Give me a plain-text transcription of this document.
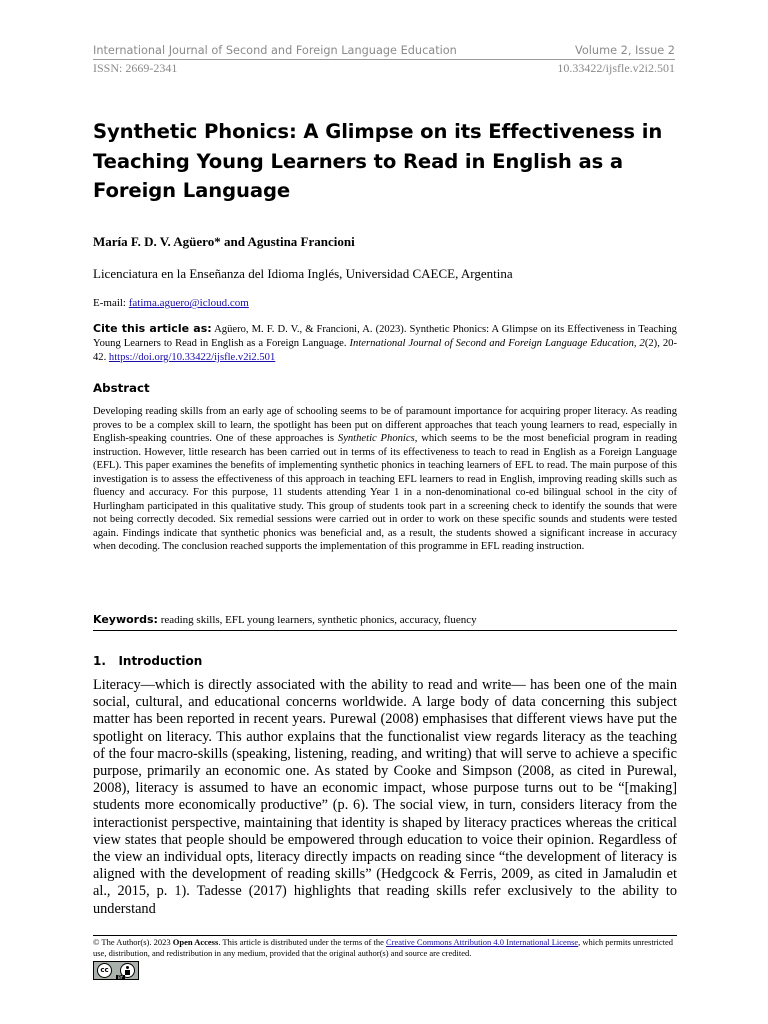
International Journal of Second and Foreign Language Education	Volume 2, Issue 2
ISSN: 2669-2341	10.33422/ijsfle.v2i2.501
Synthetic Phonics: A Glimpse on its Effectiveness in Teaching Young Learners to Read in English as a Foreign Language
María F. D. V. Agüero* and Agustina Francioni
Licenciatura en la Enseñanza del Idioma Inglés, Universidad CAECE, Argentina
E-mail: fatima.aguero@icloud.com
Cite this article as: Agüero, M. F. D. V., & Francioni, A. (2023). Synthetic Phonics: A Glimpse on its Effectiveness in Teaching Young Learners to Read in English as a Foreign Language. International Journal of Second and Foreign Language Education, 2(2), 20-42. https://doi.org/10.33422/ijsfle.v2i2.501
Abstract
Developing reading skills from an early age of schooling seems to be of paramount importance for acquiring proper literacy. As reading proves to be a complex skill to learn, the spotlight has been put on different approaches that teach young learners to read, especially in English-speaking countries. One of these approaches is Synthetic Phonics, which seems to be the most beneficial program in reading instruction. However, little research has been carried out in terms of its effectiveness to teach to read in English as a Foreign Language (EFL). This paper examines the benefits of implementing synthetic phonics in teaching learners of EFL to read. The main purpose of this investigation is to assess the effectiveness of this approach in teaching EFL learners to read in English, improving reading skills such as fluency and accuracy. For this purpose, 11 students attending Year 1 in a non-denominational co-ed bilingual school in the city of Hurlingham participated in this qualitative study. This group of students took part in a screening check to identify the sounds that were not being correctly decoded. Six remedial sessions were carried out in order to work on these specific sounds and students were tested again. Findings indicate that synthetic phonics was beneficial and, as a result, the students showed a significant increase in accuracy when decoding. The conclusion reached supports the implementation of this programme in EFL reading instruction.
Keywords: reading skills, EFL young learners, synthetic phonics, accuracy, fluency
1.   Introduction
Literacy—which is directly associated with the ability to read and write— has been one of the main social, cultural, and educational concerns worldwide. A large body of data concerning this subject matter has been reported in recent years. Purewal (2008) emphasises that different views have put the spotlight on literacy. This author explains that the functionalist view regards literacy as the teaching of the four macro-skills (speaking, listening, reading, and writing) that will serve to achieve a specific purpose, primarily an economic one. As stated by Cooke and Simpson (2008, as cited in Purewal, 2008), literacy is assumed to have an economic impact, whose purpose turns out to be “[making] students more economically productive” (p. 6). The social view, in turn, considers literacy from the interactionist perspective, maintaining that identity is shaped by literacy practices whereas the critical view states that people should be empowered through education to voice their opinion. Regardless of the view an individual opts, literacy directly impacts on reading since “the development of literacy is aligned with the development of reading skills” (Hedgcock & Ferris, 2009, as cited in Jamaludin et al., 2015, p. 1). Tadesse (2017) highlights that reading skills refer exclusively to the ability to understand
© The Author(s). 2023 Open Access. This article is distributed under the terms of the Creative Commons Attribution 4.0 International License, which permits unrestricted use, distribution, and redistribution in any medium, provided that the original author(s) and source are credited.
cc
BY
